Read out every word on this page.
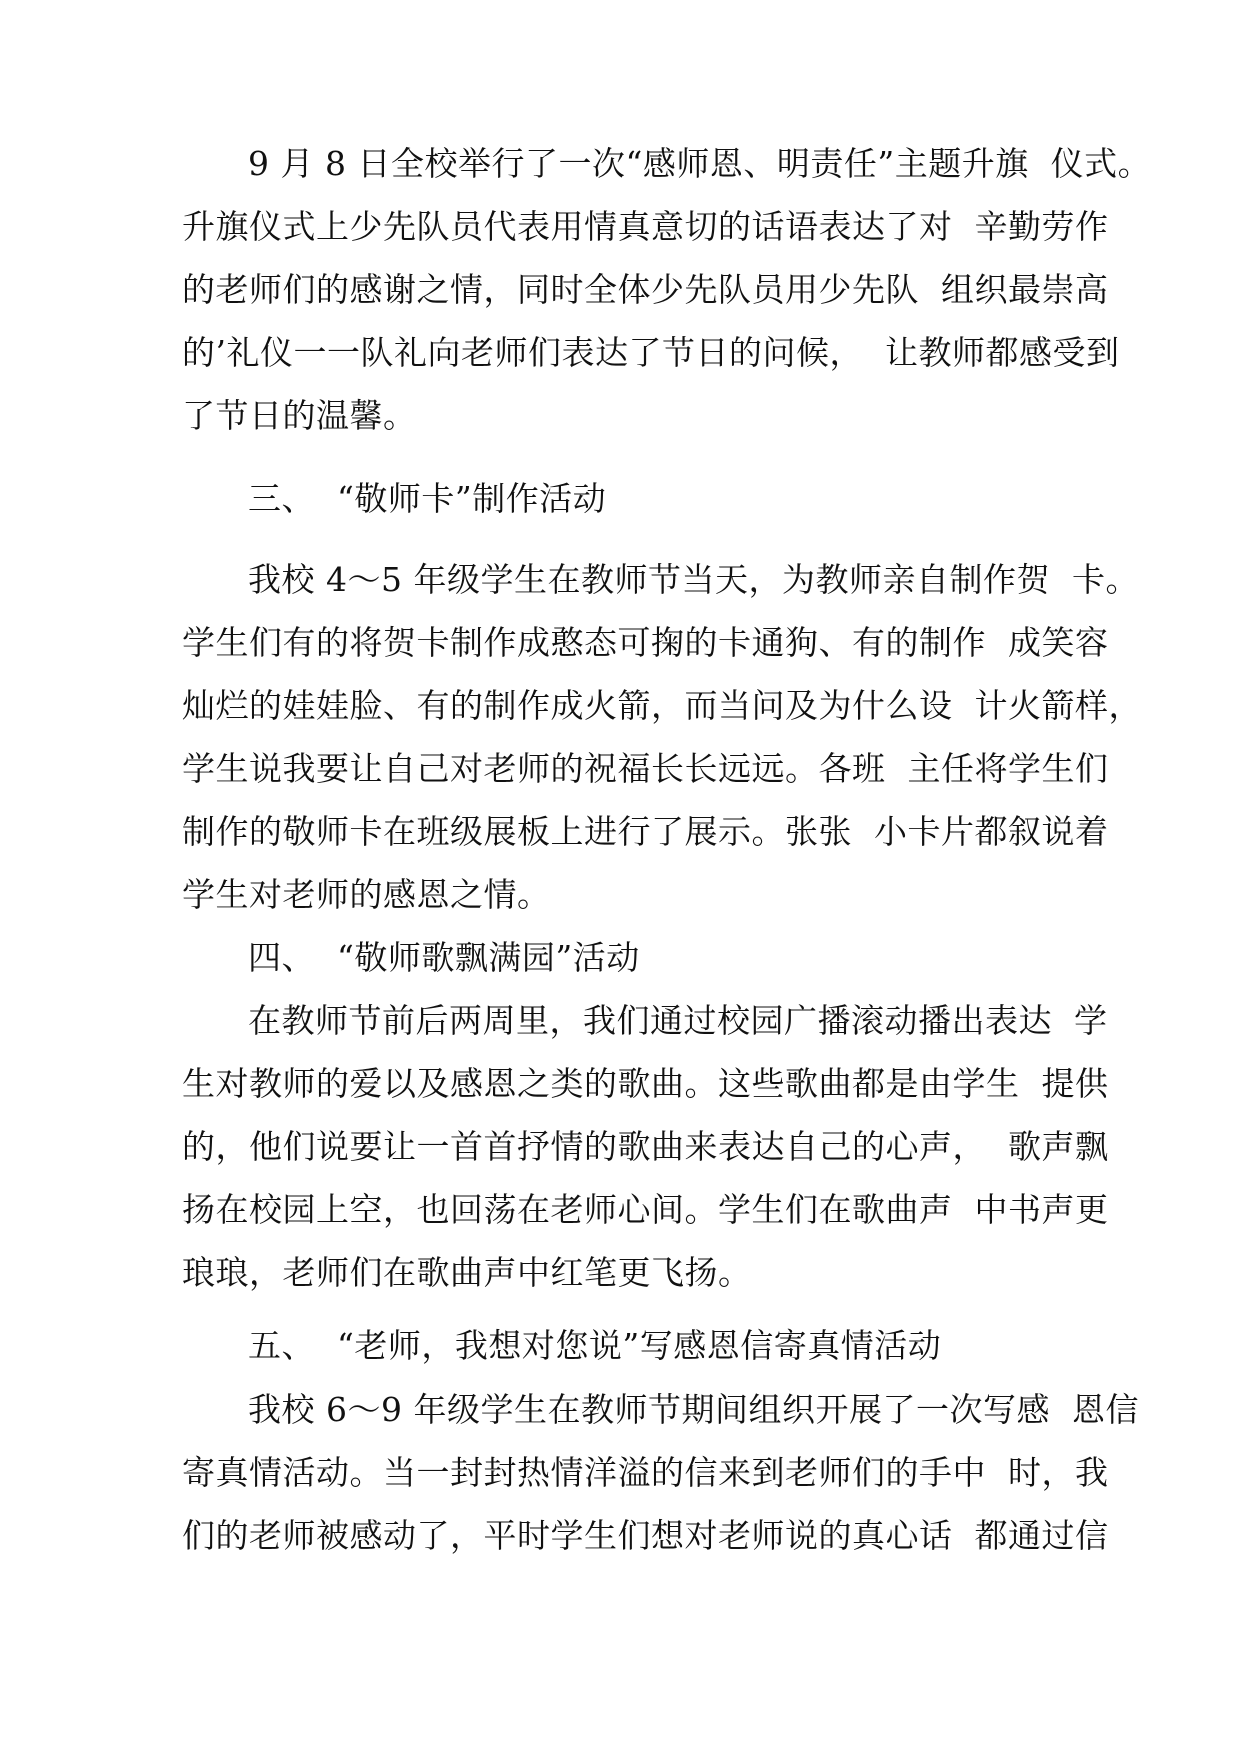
9 月 8 日全校举行了一次“感师恩、明责任”主题升旗  仪式。
升旗仪式上少先队员代表用情真意切的话语表达了对  辛勤劳作
的老师们的感谢之情，同时全体少先队员用少先队  组织最崇高
的’礼仪一一队礼向老师们表达了节日的问候，  让教师都感受到
了节日的温馨。
三、  “敬师卡”制作活动
我校 4～5 年级学生在教师节当天，为教师亲自制作贺  卡。
学生们有的将贺卡制作成憨态可掬的卡通狗、有的制作  成笑容
灿烂的娃娃脸、有的制作成火箭，而当问及为什么设  计火箭样，
学生说我要让自己对老师的祝福长长远远。各班  主任将学生们
制作的敬师卡在班级展板上进行了展示。张张  小卡片都叙说着
学生对老师的感恩之情。
四、  “敬师歌飘满园”活动
在教师节前后两周里，我们通过校园广播滚动播出表达  学
生对教师的爱以及感恩之类的歌曲。这些歌曲都是由学生  提供
的，他们说要让一首首抒情的歌曲来表达自己的心声，  歌声飘
扬在校园上空，也回荡在老师心间。学生们在歌曲声  中书声更
琅琅，老师们在歌曲声中红笔更飞扬。
五、  “老师，我想对您说”写感恩信寄真情活动
我校 6～9 年级学生在教师节期间组织开展了一次写感  恩信
寄真情活动。当一封封热情洋溢的信来到老师们的手中  时，我
们的老师被感动了，平时学生们想对老师说的真心话  都通过信
